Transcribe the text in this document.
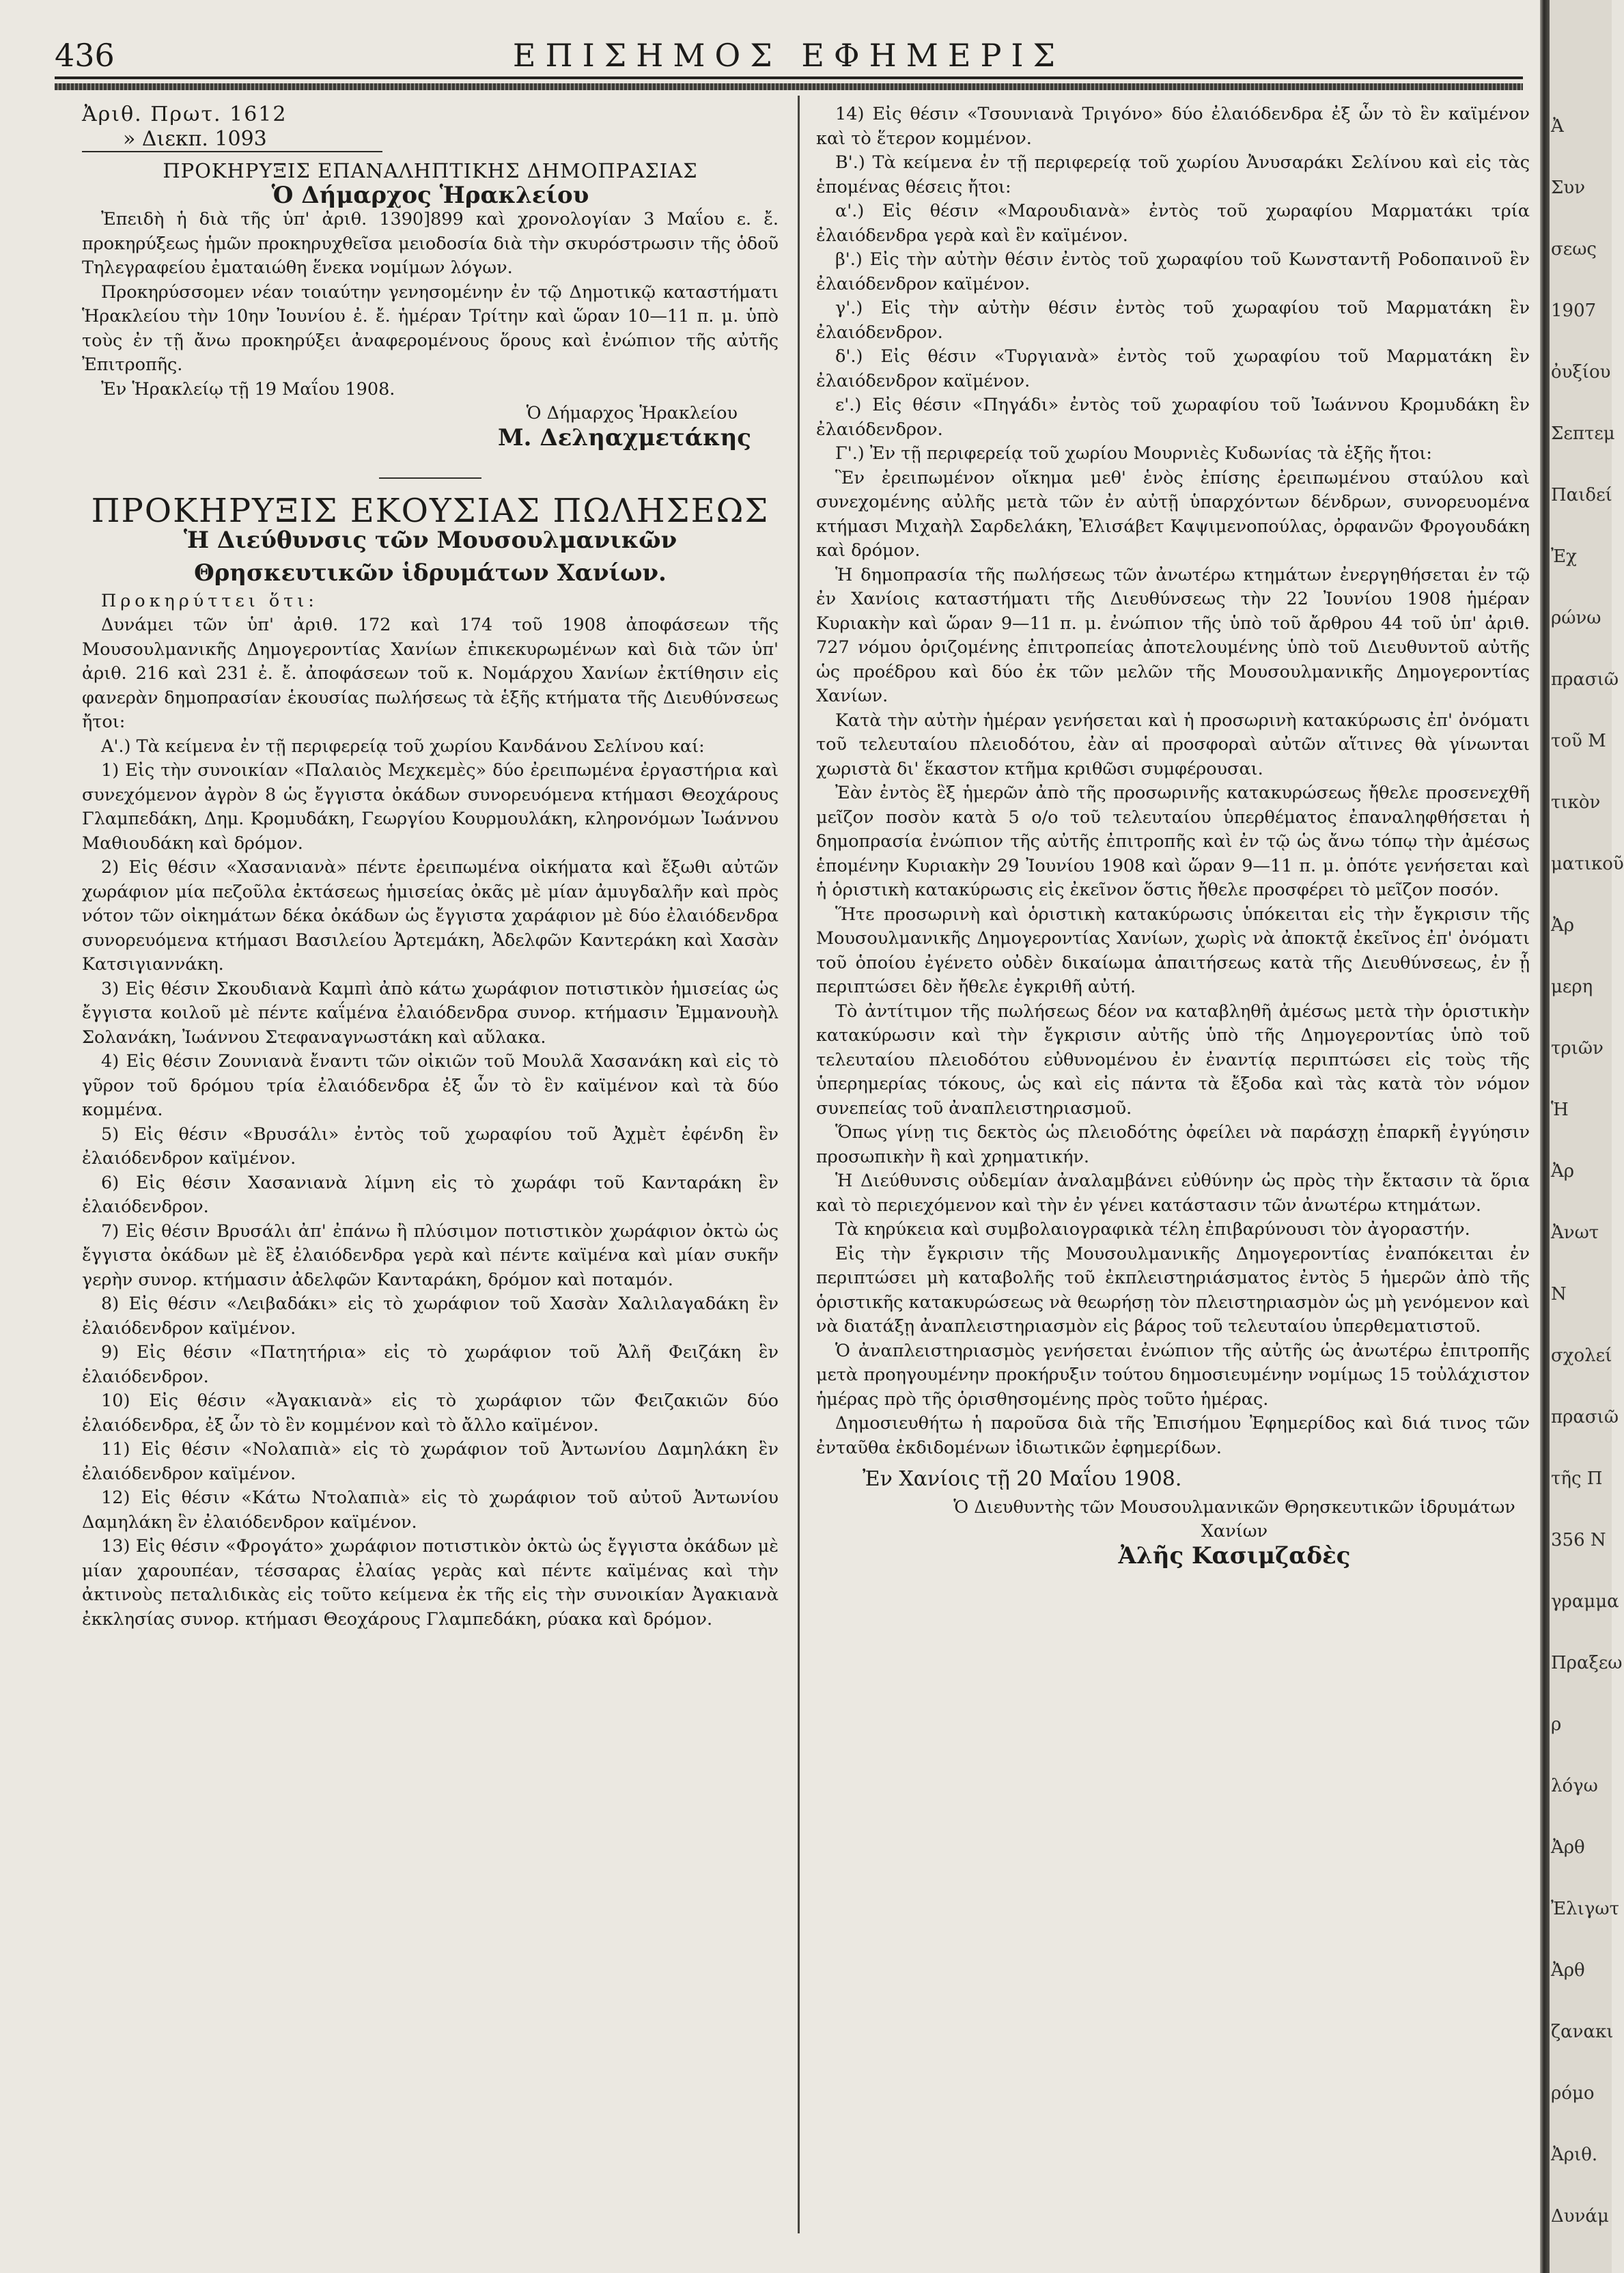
436	ΕΠΙΣΗΜΟΣ ΕΦΗΜΕΡΙΣ

Ἀριθ. Πρωτ. 1612

» Διεκπ. 1093

ΠΡΟΚΗΡΥΞΙΣ ΕΠΑΝΑΛΗΠΤΙΚΗΣ ΔΗΜΟΠΡΑΣΙΑΣ

Ὁ Δήμαρχος Ἡρακλείου

Ἐπειδὴ ἡ διὰ τῆς ὑπ' ἀριθ. 1390]899 καὶ χρονολογίαν 3 Μαΐου ε. ἔ. προκηρύξεως ἡμῶν προκηρυχθεῖσα μειοδοσία διὰ τὴν σκυρόστρωσιν τῆς ὁδοῦ Τηλεγραφείου ἐματαιώθη ἕνεκα νομίμων λόγων.

Προκηρύσσομεν νέαν τοιαύτην γενησομένην ἐν τῷ Δημοτικῷ καταστήματι Ἡρακλείου τὴν 10ην Ἰουνίου ἐ. ἔ. ἡμέραν Τρίτην καὶ ὥραν 10—11 π. μ. ὑπὸ τοὺς ἐν τῇ ἄνω προκηρύξει ἀναφερομένους ὅρους καὶ ἐνώπιον τῆς αὐτῆς Ἐπιτροπῆς.

Ἐν Ἡρακλείῳ τῇ 19 Μαΐου 1908.

Ὁ Δήμαρχος Ἡρακλείου

Μ. Δεληαχμετάκης

ΠΡΟΚΗΡΥΞΙΣ ΕΚΟΥΣΙΑΣ ΠΩΛΗΣΕΩΣ

Ἡ Διεύθυνσις τῶν Μουσουλμανικῶν Θρησκευτικῶν ἱδρυμάτων Χανίων.

Προκηρύττει ὅτι:

Δυνάμει τῶν ὑπ' ἀριθ. 172 καὶ 174 τοῦ 1908 ἀποφάσεων τῆς Μουσουλμανικῆς Δημογεροντίας Χανίων ἐπικεκυρωμένων καὶ διὰ τῶν ὑπ' ἀριθ. 216 καὶ 231 ἐ. ἔ. ἀποφάσεων τοῦ κ. Νομάρχου Χανίων ἐκτίθησιν εἰς φανερὰν δημοπρασίαν ἑκουσίας πωλήσεως τὰ ἑξῆς κτήματα τῆς Διευθύνσεως ἤτοι:

Α'.) Τὰ κείμενα ἐν τῇ περιφερείᾳ τοῦ χωρίου Κανδάνου Σελίνου καί:

1) Εἰς τὴν συνοικίαν «Παλαιὸς Μεχκεμὲς» δύο ἐρειπωμένα ἐργαστήρια καὶ συνεχόμενον ἀγρὸν 8 ὡς ἔγγιστα ὀκάδων συνορευόμενα κτήμασι Θεοχάρους Γλαμπεδάκη, Δημ. Κρομυδάκη, Γεωργίου Κουρμουλάκη, κληρονόμων Ἰωάννου Μαθιουδάκη καὶ δρόμον.

2) Εἰς θέσιν «Χασανιανὰ» πέντε ἐρειπωμένα οἰκήματα καὶ ἔξωθι αὐτῶν χωράφιον μία πεζοῦλα ἐκτάσεως ἡμισείας ὀκᾶς μὲ μίαν ἀμυγδαλῆν καὶ πρὸς νότον τῶν οἰκημάτων δέκα ὀκάδων ὡς ἔγγιστα χαράφιον μὲ δύο ἐλαιόδενδρα συνορευόμενα κτήμασι Βασιλείου Ἀρτεμάκη, Ἀδελφῶν Καντεράκη καὶ Χασὰν Κατσιγιαννάκη.

3) Εἰς θέσιν Σκουδιανὰ Καμπὶ ἀπὸ κάτω χωράφιον ποτιστικὸν ἡμισείας ὡς ἔγγιστα κοιλοῦ μὲ πέντε καΐμένα ἐλαιόδενδρα συνορ. κτήμασιν Ἐμμανουὴλ Σολανάκη, Ἰωάννου Στεφαναγνωστάκη καὶ αὔλακα.

4) Εἰς θέσιν Ζουνιανὰ ἔναντι τῶν οἰκιῶν τοῦ Μουλᾶ Χασανάκη καὶ εἰς τὸ γῦρον τοῦ δρόμου τρία ἐλαιόδενδρα ἐξ ὧν τὸ ἓν καϊμένον καὶ τὰ δύο κομμένα.

5) Εἰς θέσιν «Βρυσάλι» ἐντὸς τοῦ χωραφίου τοῦ Ἀχμὲτ ἐφένδη ἓν ἐλαιόδενδρον καϊμένον.

6) Εἰς θέσιν Χασανιανὰ λίμνη εἰς τὸ χωράφι τοῦ Κανταράκη ἓν ἐλαιόδενδρον.

7) Εἰς θέσιν Βρυσάλι ἀπ' ἐπάνω ἢ πλύσιμον ποτιστικὸν χωράφιον ὀκτὼ ὡς ἔγγιστα ὀκάδων μὲ ἓξ ἐλαιόδενδρα γερὰ καὶ πέντε καϊμένα καὶ μίαν συκῆν γερὴν συνορ. κτήμασιν ἀδελφῶν Κανταράκη, δρόμον καὶ ποταμόν.

8) Εἰς θέσιν «Λειβαδάκι» εἰς τὸ χωράφιον τοῦ Χασὰν Χαλιλαγαδάκη ἓν ἐλαιόδενδρον καϊμένον.

9) Εἰς θέσιν «Πατητήρια» εἰς τὸ χωράφιον τοῦ Ἀλῆ Φειζάκη ἓν ἐλαιόδενδρον.

10) Εἰς θέσιν «Ἀγακιανὰ» εἰς τὸ χωράφιον τῶν Φειζακιῶν δύο ἐλαιόδενδρα, ἐξ ὧν τὸ ἓν κομμένον καὶ τὸ ἄλλο καϊμένον.

11) Εἰς θέσιν «Νολαπιὰ» εἰς τὸ χωράφιον τοῦ Ἀντωνίου Δαμηλάκη ἓν ἐλαιόδενδρον καϊμένον.

12) Εἰς θέσιν «Κάτω Ντολαπιὰ» εἰς τὸ χωράφιον τοῦ αὐτοῦ Ἀντωνίου Δαμηλάκη ἓν ἐλαιόδενδρον καϊμένον.

13) Εἰς θέσιν «Φρογάτο» χωράφιον ποτιστικὸν ὀκτὼ ὡς ἔγγιστα ὀκάδων μὲ μίαν χαρουπέαν, τέσσαρας ἐλαίας γερὰς καὶ πέντε καϊμένας καὶ τὴν ἀκτινοὺς πεταλιδικὰς εἰς τοῦτο κείμενα ἐκ τῆς εἰς τὴν συνοικίαν Ἀγακιανὰ ἐκκλησίας συνορ. κτήμασι Θεοχάρους Γλαμπεδάκη, ρύακα καὶ δρόμον.

14) Εἰς θέσιν «Τσουνιανὰ Τριγόνο» δύο ἐλαιόδενδρα ἐξ ὧν τὸ ἓν καϊμένον καὶ τὸ ἕτερον κομμένον.

Β'.) Τὰ κείμενα ἐν τῇ περιφερείᾳ τοῦ χωρίου Ἀνυσαράκι Σελίνου καὶ εἰς τὰς ἑπομένας θέσεις ἤτοι:

α'.) Εἰς θέσιν «Μαρουδιανὰ» ἐντὸς τοῦ χωραφίου Μαρματάκι τρία ἐλαιόδενδρα γερὰ καὶ ἓν καϊμένον.

β'.) Εἰς τὴν αὐτὴν θέσιν ἐντὸς τοῦ χωραφίου τοῦ Κωνσταντῆ Ροδοπαινοῦ ἓν ἐλαιόδενδρον καϊμένον.

γ'.) Εἰς τὴν αὐτὴν θέσιν ἐντὸς τοῦ χωραφίου τοῦ Μαρματάκη ἓν ἐλαιόδενδρον.

δ'.) Εἰς θέσιν «Τυργιανὰ» ἐντὸς τοῦ χωραφίου τοῦ Μαρματάκη ἓν ἐλαιόδενδρον καϊμένον.

ε'.) Εἰς θέσιν «Πηγάδι» ἐντὸς τοῦ χωραφίου τοῦ Ἰωάννου Κρομυδάκη ἓν ἐλαιόδενδρον.

Γ'.) Ἐν τῇ περιφερείᾳ τοῦ χωρίου Μουρνιὲς Κυδωνίας τὰ ἑξῆς ἤτοι:

Ἓν ἐρειπωμένον οἴκημα μεθ' ἑνὸς ἐπίσης ἐρειπωμένου σταύλου καὶ συνεχομένης αὐλῆς μετὰ τῶν ἐν αὐτῇ ὑπαρχόντων δένδρων, συνορευομένα κτήμασι Μιχαὴλ Σαρδελάκη, Ἐλισάβετ Καψιμενοπούλας, ὀρφανῶν Φρογουδάκη καὶ δρόμον.

Ἡ δημοπρασία τῆς πωλήσεως τῶν ἀνωτέρω κτημάτων ἐνεργηθήσεται ἐν τῷ ἐν Χανίοις καταστήματι τῆς Διευθύνσεως τὴν 22 Ἰουνίου 1908 ἡμέραν Κυριακὴν καὶ ὥραν 9—11 π. μ. ἐνώπιον τῆς ὑπὸ τοῦ ἄρθρου 44 τοῦ ὑπ' ἀριθ. 727 νόμου ὁριζομένης ἐπιτροπείας ἀποτελουμένης ὑπὸ τοῦ Διευθυντοῦ αὐτῆς ὡς προέδρου καὶ δύο ἐκ τῶν μελῶν τῆς Μουσουλμανικῆς Δημογεροντίας Χανίων.

Κατὰ τὴν αὐτὴν ἡμέραν γενήσεται καὶ ἡ προσωρινὴ κατακύρωσις ἐπ' ὀνόματι τοῦ τελευταίου πλειοδότου, ἐὰν αἱ προσφοραὶ αὐτῶν αἵτινες θὰ γίνωνται χωριστὰ δι' ἕκαστον κτῆμα κριθῶσι συμφέρουσαι.

Ἐὰν ἐντὸς ἓξ ἡμερῶν ἀπὸ τῆς προσωρινῆς κατακυρώσεως ἤθελε προσενεχθῆ μεῖζον ποσὸν κατὰ 5 ο/ο τοῦ τελευταίου ὑπερθέματος ἐπαναληφθήσεται ἡ δημοπρασία ἐνώπιον τῆς αὐτῆς ἐπιτροπῆς καὶ ἐν τῷ ὡς ἄνω τόπῳ τὴν ἀμέσως ἑπομένην Κυριακὴν 29 Ἰουνίου 1908 καὶ ὥραν 9—11 π. μ. ὁπότε γενήσεται καὶ ἡ ὁριστικὴ κατακύρωσις εἰς ἐκεῖνον ὅστις ἤθελε προσφέρει τὸ μεῖζον ποσόν.

Ἥτε προσωρινὴ καὶ ὁριστικὴ κατακύρωσις ὑπόκειται εἰς τὴν ἔγκρισιν τῆς Μουσουλμανικῆς Δημογεροντίας Χανίων, χωρὶς νὰ ἀποκτᾷ ἐκεῖνος ἐπ' ὀνόματι τοῦ ὁποίου ἐγένετο οὐδὲν δικαίωμα ἀπαιτήσεως κατὰ τῆς Διευθύνσεως, ἐν ᾗ περιπτώσει δὲν ἤθελε ἐγκριθῆ αὐτή.

Τὸ ἀντίτιμον τῆς πωλήσεως δέον να καταβληθῆ ἀμέσως μετὰ τὴν ὁριστικὴν κατακύρωσιν καὶ τὴν ἔγκρισιν αὐτῆς ὑπὸ τῆς Δημογεροντίας ὑπὸ τοῦ τελευταίου πλειοδότου εὐθυνομένου ἐν ἐναντίᾳ περιπτώσει εἰς τοὺς τῆς ὑπερημερίας τόκους, ὡς καὶ εἰς πάντα τὰ ἔξοδα καὶ τὰς κατὰ τὸν νόμον συνεπείας τοῦ ἀναπλειστηριασμοῦ.

Ὅπως γίνῃ τις δεκτὸς ὡς πλειοδότης ὀφείλει νὰ παράσχῃ ἐπαρκῆ ἐγγύησιν προσωπικὴν ἢ καὶ χρηματικήν.

Ἡ Διεύθυνσις οὐδεμίαν ἀναλαμβάνει εὐθύνην ὡς πρὸς τὴν ἔκτασιν τὰ ὅρια καὶ τὸ περιεχόμενον καὶ τὴν ἐν γένει κατάστασιν τῶν ἀνωτέρω κτημάτων.

Τὰ κηρύκεια καὶ συμβολαιογραφικὰ τέλη ἐπιβαρύνουσι τὸν ἀγοραστήν.

Εἰς τὴν ἔγκρισιν τῆς Μουσουλμανικῆς Δημογεροντίας ἐναπόκειται ἐν περιπτώσει μὴ καταβολῆς τοῦ ἐκπλειστηριάσματος ἐντὸς 5 ἡμερῶν ἀπὸ τῆς ὁριστικῆς κατακυρώσεως νὰ θεωρήσῃ τὸν πλειστηριασμὸν ὡς μὴ γενόμενον καὶ νὰ διατάξῃ ἀναπλειστηριασμὸν εἰς βάρος τοῦ τελευταίου ὑπερθεματιστοῦ.

Ὁ ἀναπλειστηριασμὸς γενήσεται ἐνώπιον τῆς αὐτῆς ὡς ἀνωτέρω ἐπιτροπῆς μετὰ προηγουμένην προκήρυξιν τούτου δημοσιευμένην νομίμως 15 τοὐλάχιστον ἡμέρας πρὸ τῆς ὁρισθησομένης πρὸς τοῦτο ἡμέρας.

Δημοσιευθήτω ἡ παροῦσα διὰ τῆς Ἐπισήμου Ἐφημερίδος καὶ διά τινος τῶν ἐνταῦθα ἐκδιδομένων ἰδιωτικῶν ἐφημερίδων.

Ἐν Χανίοις τῇ 20 Μαΐου 1908.

Ὁ Διευθυντὴς τῶν Μουσουλμανικῶν Θρησκευτικῶν ἱδρυμάτων Χανίων

Ἀλῆς Κασιμζαδὲς

Ἀ
Συν
σεως
1907
ὀυξίου
Σεπτεμ
Παιδεί
Ἐχ
ρώνω
πρασιῶ
τοῦ Μ
τικὸν
ματικοῦ
Ἀρ
μερη
τριῶν
Ἡ
Ἀρ
Ἀνωτ
Ν
σχολεί
πρασιῶ
τῆς Π
356 Ν
γραμμα
Πραξεω
ρ
λόγω
Ἀρθ
Ἐλιγωτ
Ἀρθ
ζανακι
ρόμο
Ἀριθ.
Δυνάμ
